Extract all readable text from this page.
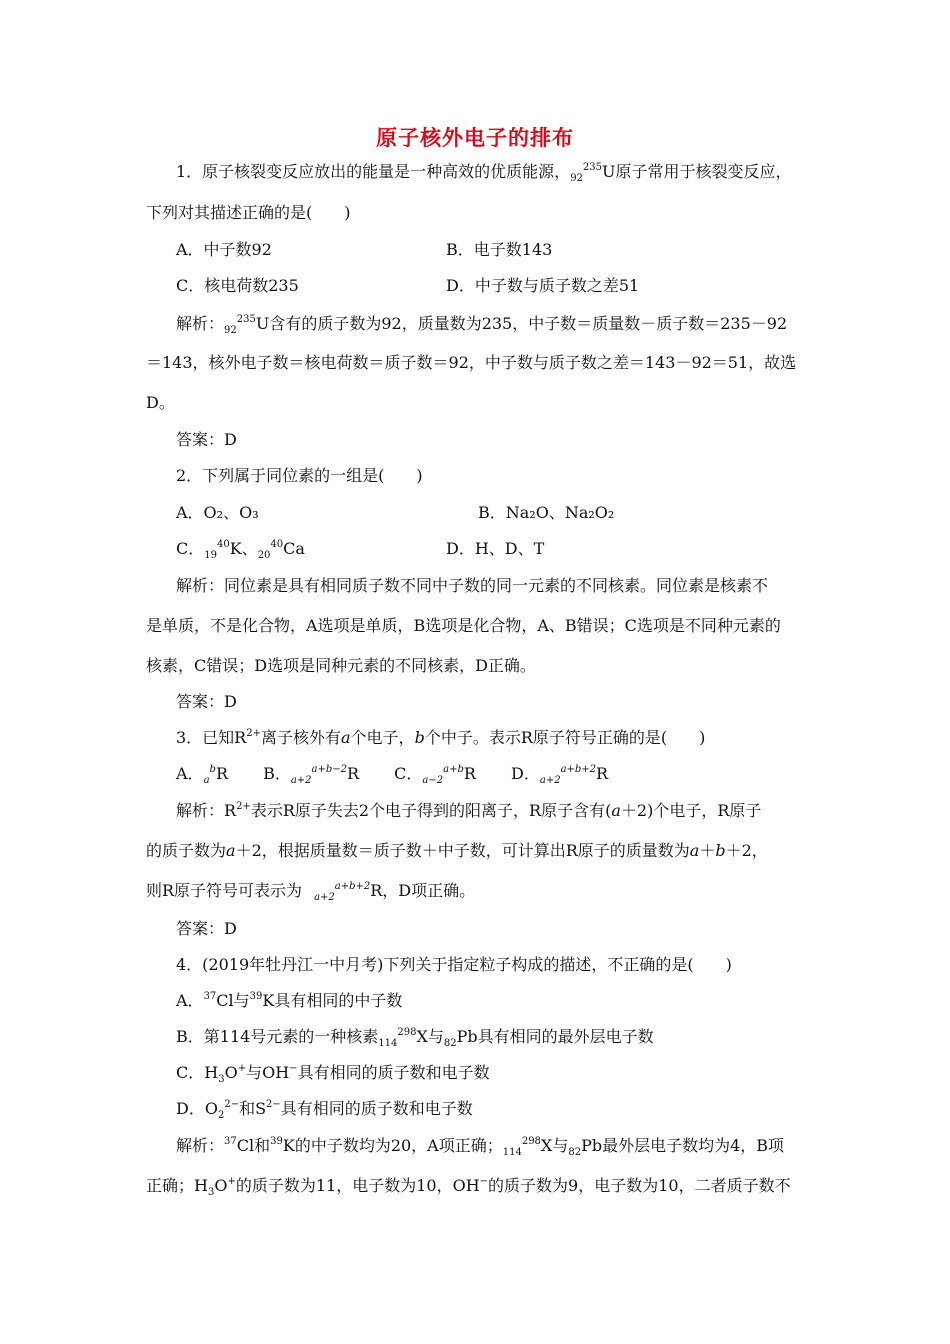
原子核外电子的排布
1．原子核裂变反应放出的能量是一种高效的优质能源，$_{92}^{235}$U原子常用于核裂变反应，
下列对其描述正确的是(　　)
A．中子数92	B．电子数143
C．核电荷数235	D．中子数与质子数之差51
解析：$_{92}^{235}$U含有的质子数为92，质量数为235，中子数＝质量数－质子数＝235－92
＝143，核外电子数＝核电荷数＝质子数＝92，中子数与质子数之差＝143－92＝51，故选
D。
答案：D
2．下列属于同位素的一组是(　　)
A．O₂、O₃	B．Na₂O、Na₂O₂
C．$_{19}^{40}$K、$_{20}^{40}$Ca	D．H、D、T
解析：同位素是具有相同质子数不同中子数的同一元素的不同核素。同位素是核素不
是单质，不是化合物，A选项是单质，B选项是化合物，A、B错误；C选项是不同种元素的
核素，C错误；D选项是同种元素的不同核素，D正确。
答案：D
3．已知$R^{2+}$离子核外有a个电子，b个中子。表示R原子符号正确的是(　　)
A．$_a^b$R B．$_{a+2}^{a+b-2}$R C．$_{a-2}^{a+b}$R D．$_{a+2}^{a+b+2}$R
解析：$R^{2+}$表示R原子失去2个电子得到的阳离子，R原子含有(a＋2)个电子，R原子
的质子数为a＋2，根据质量数＝质子数＋中子数，可计算出R原子的质量数为a＋b＋2，
则R原子符号可表示为 $_{a+2}^{a+b+2}$R，D项正确。
答案：D
4．(2019年牡丹江一中月考)下列关于指定粒子构成的描述，不正确的是(　　)
A．$^{37}$Cl与$^{39}$K具有相同的中子数
B．第114号元素的一种核素$_{114}^{298}$X与$_{82}$Pb具有相同的最外层电子数
C．$H_3O^+$与OH−具有相同的质子数和电子数
D．$O_2^{2-}$和$S^{2-}$具有相同的质子数和电子数
解析：$^{37}$Cl和$^{39}$K的中子数均为20，A项正确；$_{114}^{298}$X与$_{82}$Pb最外层电子数均为4，B项
正确；$H_3O^+$的质子数为11，电子数为10，OH−的质子数为9，电子数为10，二者质子数不
